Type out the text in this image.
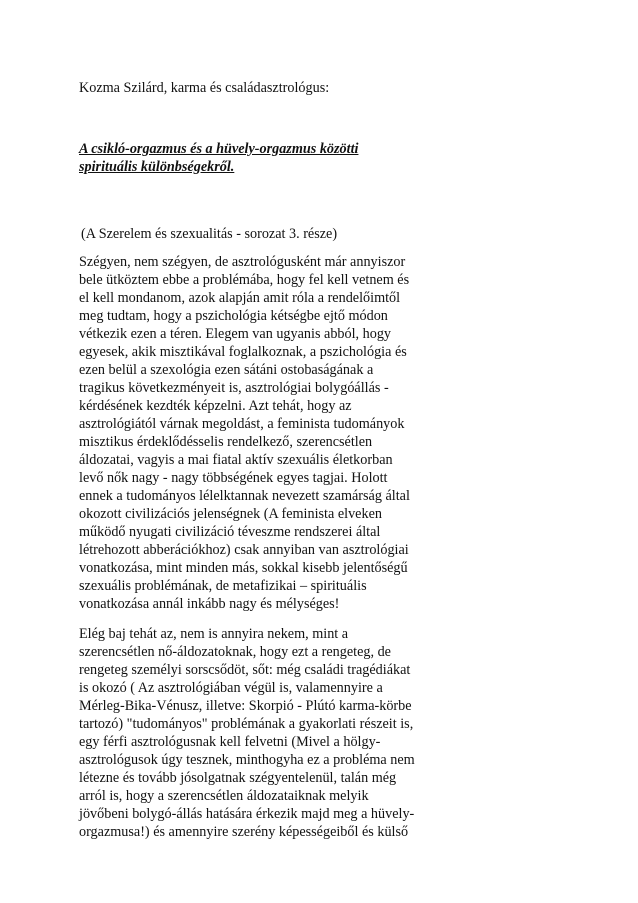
Kozma Szilárd, karma és családasztrológus:
A csikló-orgazmus és a hüvely-orgazmus közötti
spirituális különbségekről.
(A Szerelem és szexualitás - sorozat 3. része)
Szégyen, nem szégyen, de asztrológusként már annyiszor
bele ütköztem ebbe a problémába, hogy fel kell vetnem és
el kell mondanom, azok alapján amit róla a rendelőimtől
meg tudtam, hogy a pszichológia kétségbe ejtő módon
vétkezik ezen a téren. Elegem van ugyanis abból, hogy
egyesek, akik misztikával foglalkoznak, a pszichológia és
ezen belül a szexológia ezen sátáni ostobaságának a
tragikus következményeit is, asztrológiai bolygóállás -
kérdésének kezdték képzelni. Azt tehát, hogy az
asztrológiától várnak megoldást, a feminista tudományok
misztikus érdeklődésselis rendelkező, szerencsétlen
áldozatai, vagyis a mai fiatal aktív szexuális életkorban
levő nők nagy - nagy többségének egyes tagjai. Holott
ennek a tudományos lélelktannak nevezett szamárság által
okozott civilizációs jelenségnek (A feminista elveken
működő nyugati civilizáció téveszme rendszerei által
létrehozott abberációkhoz) csak annyiban van asztrológiai
vonatkozása, mint minden más, sokkal kisebb jelentőségű
szexuális problémának, de metafizikai – spirituális
vonatkozása annál inkább nagy és mélységes!
Elég baj tehát az, nem is annyira nekem, mint a
szerencsétlen nő-áldozatoknak, hogy ezt a rengeteg, de
rengeteg személyi sorscsődöt, sőt: még családi tragédiákat
is okozó ( Az asztrológiában végül is, valamennyire a
Mérleg-Bika-Vénusz, illetve: Skorpió - Plútó karma-körbe
tartozó) "tudományos" problémának a gyakorlati részeit is,
egy férfi asztrológusnak kell felvetni (Mivel a hölgy-
asztrológusok úgy tesznek, minthogyha ez a probléma nem
létezne és tovább jósolgatnak szégyentelenül, talán még
arról is, hogy a szerencsétlen áldozataiknak melyik
jövőbeni bolygó-állás hatására érkezik majd meg a hüvely-
orgazmusa!) és amennyire szerény képességeiből és külső
